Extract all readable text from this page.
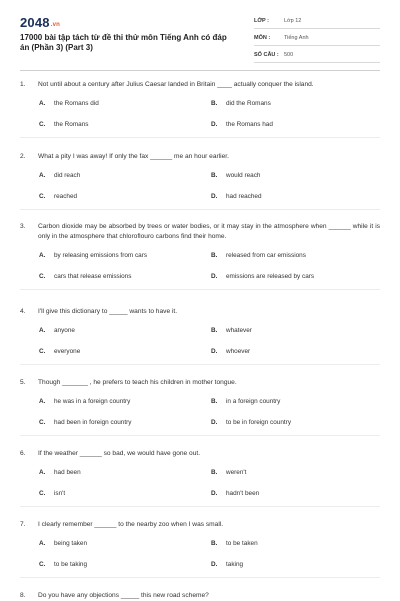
2048.vn
17000 bài tập tách từ đề thi thử môn Tiếng Anh có đáp án (Phần 3) (Part 3)
LỚP :	Lớp 12
MÔN :	Tiếng Anh
SỐ CÂU : 500
1.	Not until about a century after Julius Caesar landed in Britain ____ actually conquer the island.
A.	the Romans did	B.	did the Romans
C.	the Romans	D.	the Romans had
2.	What a pity I was away! If only the fax ______ me an hour earlier.
A.	did reach	B.	would reach
C.	reached	D.	had reached
3.	Carbon dioxide may be absorbed by trees or water bodies, or it may stay in the atmosphere when ______ while it is only in the atmosphere that chloroflouro carbons find their home.
A.	by releasing emissions from cars	B.	released from car emissions
C.	cars that release emissions	D.	emissions are released by cars
4.	I'll give this dictionary to _____ wants to have it.
A.	anyone	B.	whatever
C.	everyone	D.	whoever
5.	Though _______ , he prefers to teach his children in mother tongue.
A.	he was in a foreign country	B.	in a foreign country
C.	had been in foreign country	D.	to be in foreign country
6.	If the weather ______ so bad, we would have gone out.
A.	had been	B.	weren't
C.	isn't	D.	hadn't been
7.	I clearly remember ______ to the nearby zoo when I was small.
A.	being taken	B.	to be taken
C.	to be taking	D.	taking
8.	Do you have any objections _____ this new road scheme?
